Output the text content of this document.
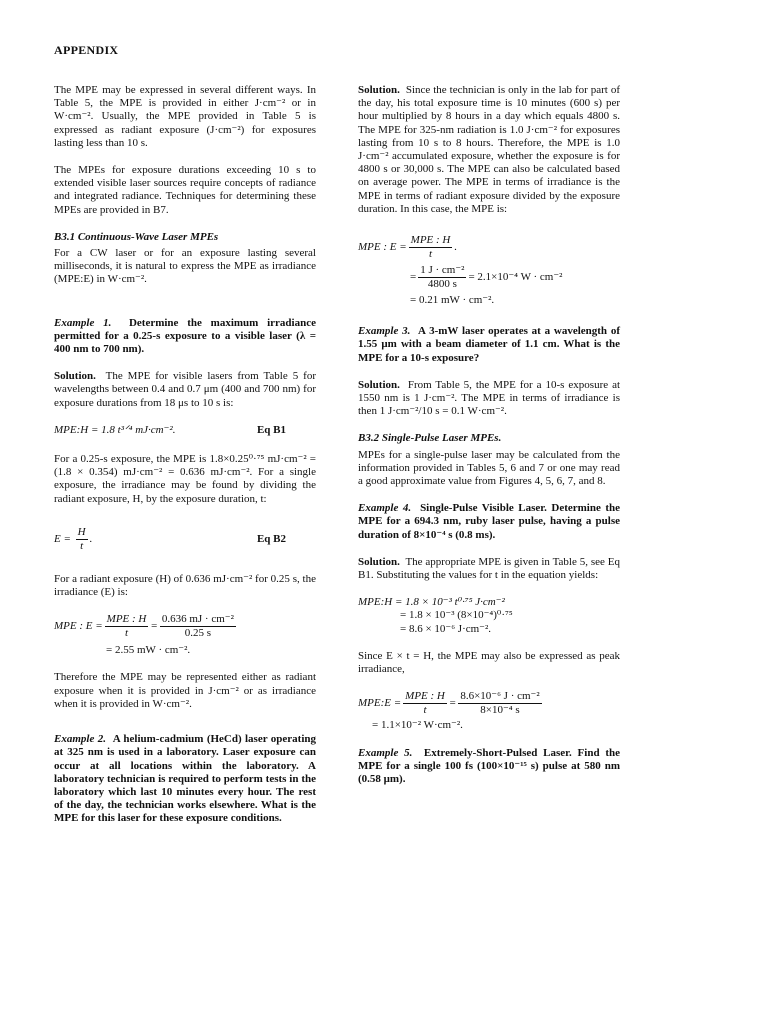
APPENDIX

The MPE may be expressed in several different ways. In Table 5, the MPE is provided in either J·cm⁻² or in W·cm⁻². Usually, the MPE provided in Table 5 is expressed as radiant exposure (J·cm⁻²) for exposures lasting less than 10 s.

The MPEs for exposure durations exceeding 10 s to extended visible laser sources require concepts of radiance and integrated radiance. Techniques for determining these MPEs are provided in B7.

B3.1 Continuous-Wave Laser MPEs

For a CW laser or for an exposure lasting several milliseconds, it is natural to express the MPE as irradiance (MPE:E) in W·cm⁻².

Example 1. Determine the maximum irradiance permitted for a 0.25-s exposure to a visible laser (λ = 400 nm to 700 nm).

Solution. The MPE for visible lasers from Table 5 for wavelengths between 0.4 and 0.7 μm (400 and 700 nm) for exposure durations from 18 μs to 10 s is:

MPE:H = 1.8 t³ᐟ⁴ mJ·cm⁻².	Eq B1

For a 0.25-s exposure, the MPE is 1.8×0.25⁰·⁷⁵ mJ·cm⁻² = (1.8 × 0.354) mJ·cm⁻² = 0.636 mJ·cm⁻². For a single exposure, the irradiance may be found by dividing the radiant exposure, H, by the exposure duration, t:

$E = \frac{H}{t}$ .	Eq B2

For a radiant exposure (H) of 0.636 mJ·cm⁻² for 0.25 s, the irradiance (E) is:

MPE : $E = \frac{\text{MPE : H}}{t} = \frac{\text{0.636 mJ · cm⁻²}}{0.25 s}$
= 2.55 mW · cm⁻².

Therefore the MPE may be represented either as radiant exposure when it is provided in J·cm⁻² or as irradiance when it is provided in W·cm⁻².

Example 2. A helium-cadmium (HeCd) laser operating at 325 nm is used in a laboratory. Laser exposure can occur at all locations within the laboratory. A laboratory technician is required to perform tests in the laboratory which last 10 minutes every hour. The rest of the day, the technician works elsewhere. What is the MPE for this laser for these exposure conditions.

Solution. Since the technician is only in the lab for part of the day, his total exposure time is 10 minutes (600 s) per hour multiplied by 8 hours in a day which equals 4800 s. The MPE for 325-nm radiation is 1.0 J·cm⁻² for exposures lasting from 10 s to 8 hours. Therefore, the MPE is 1.0 J·cm⁻² accumulated exposure, whether the exposure is for 4800 s or 30,000 s. The MPE can also be calculated based on average power. The MPE in terms of irradiance is the MPE in terms of radiant exposure divided by the exposure duration. In this case, the MPE is:

MPE : $E = \frac{\text{MPE : H}}{t}$ .
= $\frac{\text{1 J · cm⁻²}}{4800 s} = 2.1\times 10^{-4}$ W · cm⁻²
= 0.21 mW · cm⁻².

Example 3. A 3-mW laser operates at a wavelength of 1.55 μm with a beam diameter of 1.1 cm. What is the MPE for a 10-s exposure?

Solution. From Table 5, the MPE for a 10-s exposure at 1550 nm is 1 J·cm⁻². The MPE in terms of irradiance is then 1 J·cm⁻²/10 s = 0.1 W·cm⁻².

B3.2 Single-Pulse Laser MPEs.

MPEs for a single-pulse laser may be calculated from the information provided in Tables 5, 6 and 7 or one may read a good approximate value from Figures 4, 5, 6, 7, and 8.

Example 4. Single-Pulse Visible Laser. Determine the MPE for a 694.3 nm, ruby laser pulse, having a pulse duration of 8×10⁻⁴ s (0.8 ms).

Solution. The appropriate MPE is given in Table 5, see Eq B1. Substituting the values for t in the equation yields:

MPE:H = 1.8 × 10⁻³ t⁰·⁷⁵ J·cm⁻²
= 1.8 × 10⁻³ (8×10⁻⁴)⁰·⁷⁵
= 8.6 × 10⁻⁶ J·cm⁻².

Since E × t = H, the MPE may also be expressed as peak irradiance,

MPE:E = $\frac{\text{MPE : H}}{t} = \frac{\text{8.6×10⁻⁶ J · cm⁻²}}{\text{8×10⁻⁴ s}}$
= 1.1×10⁻² W·cm⁻².

Example 5. Extremely-Short-Pulsed Laser. Find the MPE for a single 100 fs (100×10⁻¹⁵ s) pulse at 580 nm (0.58 μm).
